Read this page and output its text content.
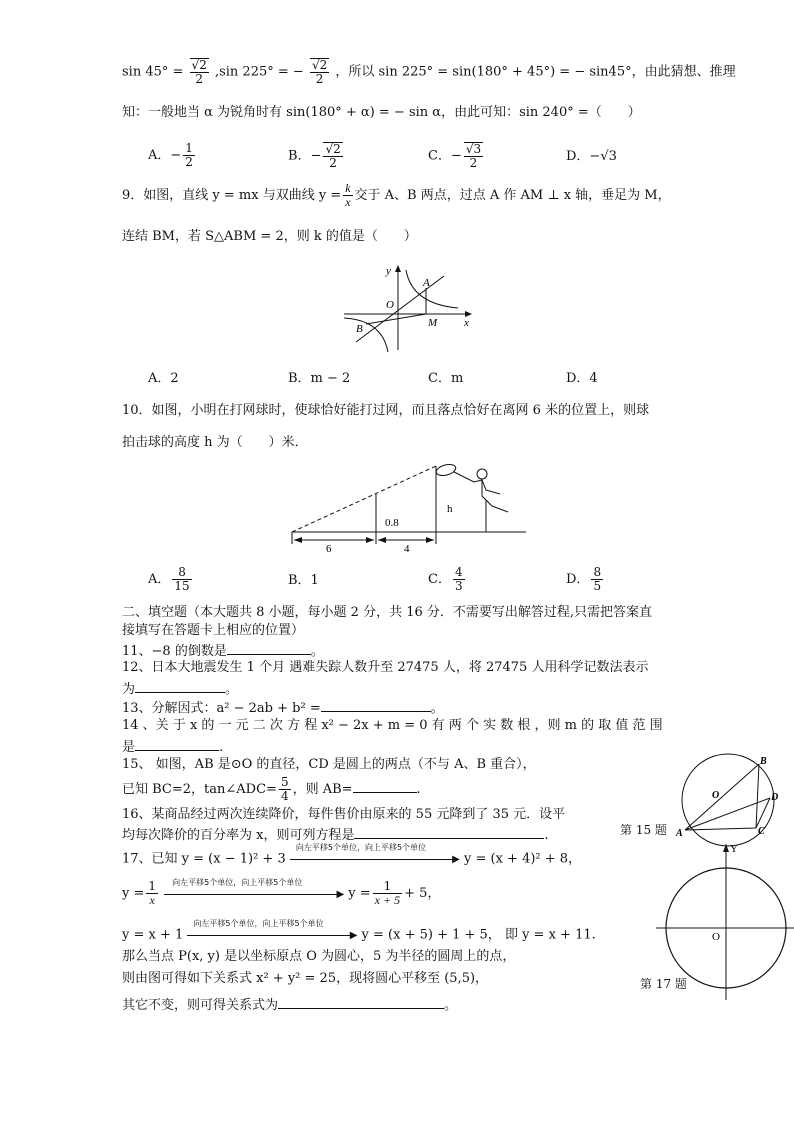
$\sin 45^\circ = \frac{√2}{2} ,\sin$ 225° = − $\frac{√2}{2}$ ，所以 sin 225° = sin(180° + 45°) = − sin45°，由此猜想、推理
知：一般地当 α 为锐角时有 sin(180° + α) = − sin α，由此可知：sin 240° =（　　）
A．− $\frac{1}{2}$	B．− $\frac{√2}{2}$	C．− $\frac{√3}{2}$	D．−√3
9．如图，直线 y = mx 与双曲线 $y = \frac{k}{x}$ 交于 A、B 两点，过点 A 作 AM ⊥ x 轴，垂足为 M，
连结 BM，若 S△ABM = 2，则 k 的值是（　　）
y
x
O
A
B	M
A．2	B．m − 2	C．m	D．4
10．如图，小明在打网球时，使球恰好能打过网，而且落点恰好在离网 6 米的位置上，则球
拍击球的高度 h 为（　　）米．
0.8
h
6	4
A． $\frac{8}{15}$	B．1	C． $\frac{4}{3}$	D． $\frac{8}{5}$
二、填空题（本大题共 8 小题，每小题 2 分，共 16 分．不需要写出解答过程,只需把答案直
接填写在答题卡上相应的位置）
11、−8 的倒数是	。
12、日本大地震发生 1 个月 遇难失踪人数升至 27475 人，将 27475 人用科学记数法表示
为	。
13、分解因式：a² − 2ab + b² =	。
14 、关 于 x 的 一 元 二 次 方 程 x² − 2x + m = 0 有 两 个 实 数 根 ，则 m 的 取 值 范 围
是	.
15、 如图，AB 是⊙O 的直径，CD 是圆上的两点（不与 A、B 重合），
已知 BC=2，tan∠ADC= $\frac{5}{4}$ ，则 AB=	.
A
B
C
D
O
第 15 题
16、某商品经过两次连续降价，每件售价由原来的 55 元降到了 35 元．设平
均每次降价的百分率为 x，则可列方程是	.
17、已知 y = (x − 1)² + 3
向左平移5个单位，向上平移5个单位
▶ y = (x + 4)² + 8，
$y = \frac{1}{x}$
向左平移5个单位，向上平移5个单位
▶ $y = \frac{1}{x + 5} + 5$，
y = x + 1
向左平移5个单位，向上平移5个单位
▶ y = (x + 5) + 1 + 5， 即 y = x + 11.
那么当点 P(x, y) 是以坐标原点 O 为圆心，5 为半径的圆周上的点，
则由图可得如下关系式 x² + y² = 25，现将圆心平移至 (5,5)，
其它不变，则可得关系式为	。
Y
O
第 17 题
